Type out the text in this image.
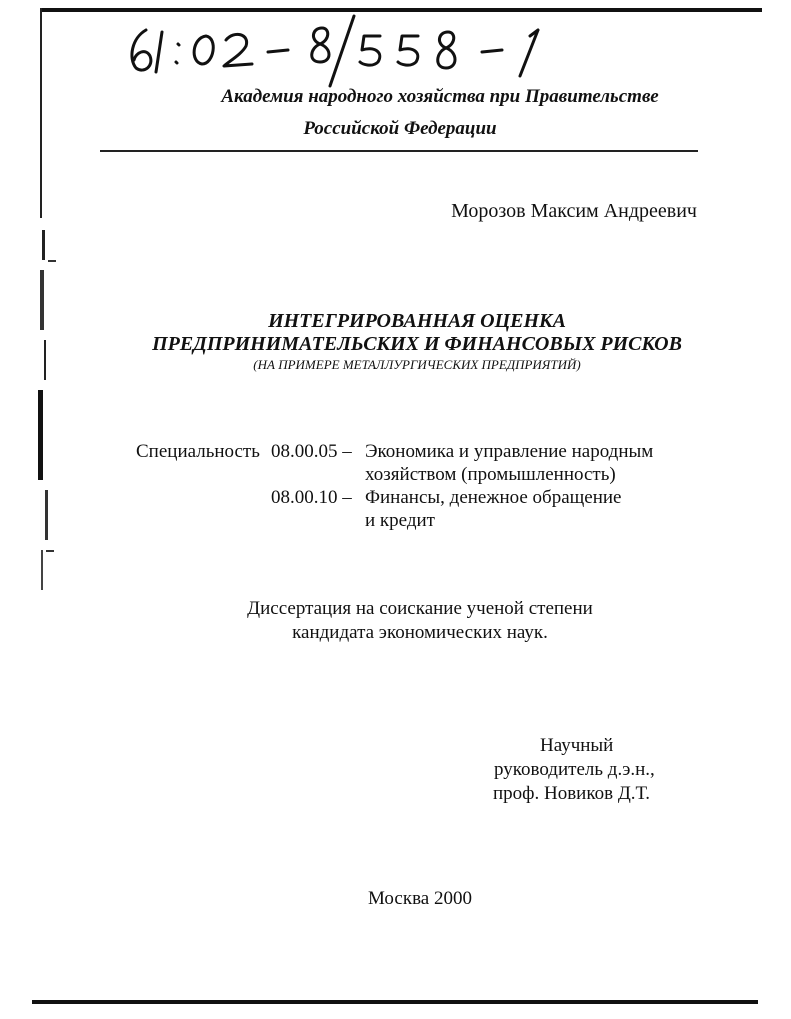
Академия народного хозяйства при Правительстве
Российской Федерации
Морозов Максим Андреевич
ИНТЕГРИРОВАННАЯ ОЦЕНКА
ПРЕДПРИНИМАТЕЛЬСКИХ И ФИНАНСОВЫХ РИСКОВ
(НА ПРИМЕРЕ МЕТАЛЛУРГИЧЕСКИХ ПРЕДПРИЯТИЙ)
Специальность 08.00.05 – Экономика и управление народным
хозяйством (промышленность)
08.00.10 – Финансы, денежное обращение
и кредит
Диссертация на соискание ученой степени
кандидата экономических наук.
Научный
руководитель д.э.н.,
проф. Новиков Д.Т.
Москва 2000
